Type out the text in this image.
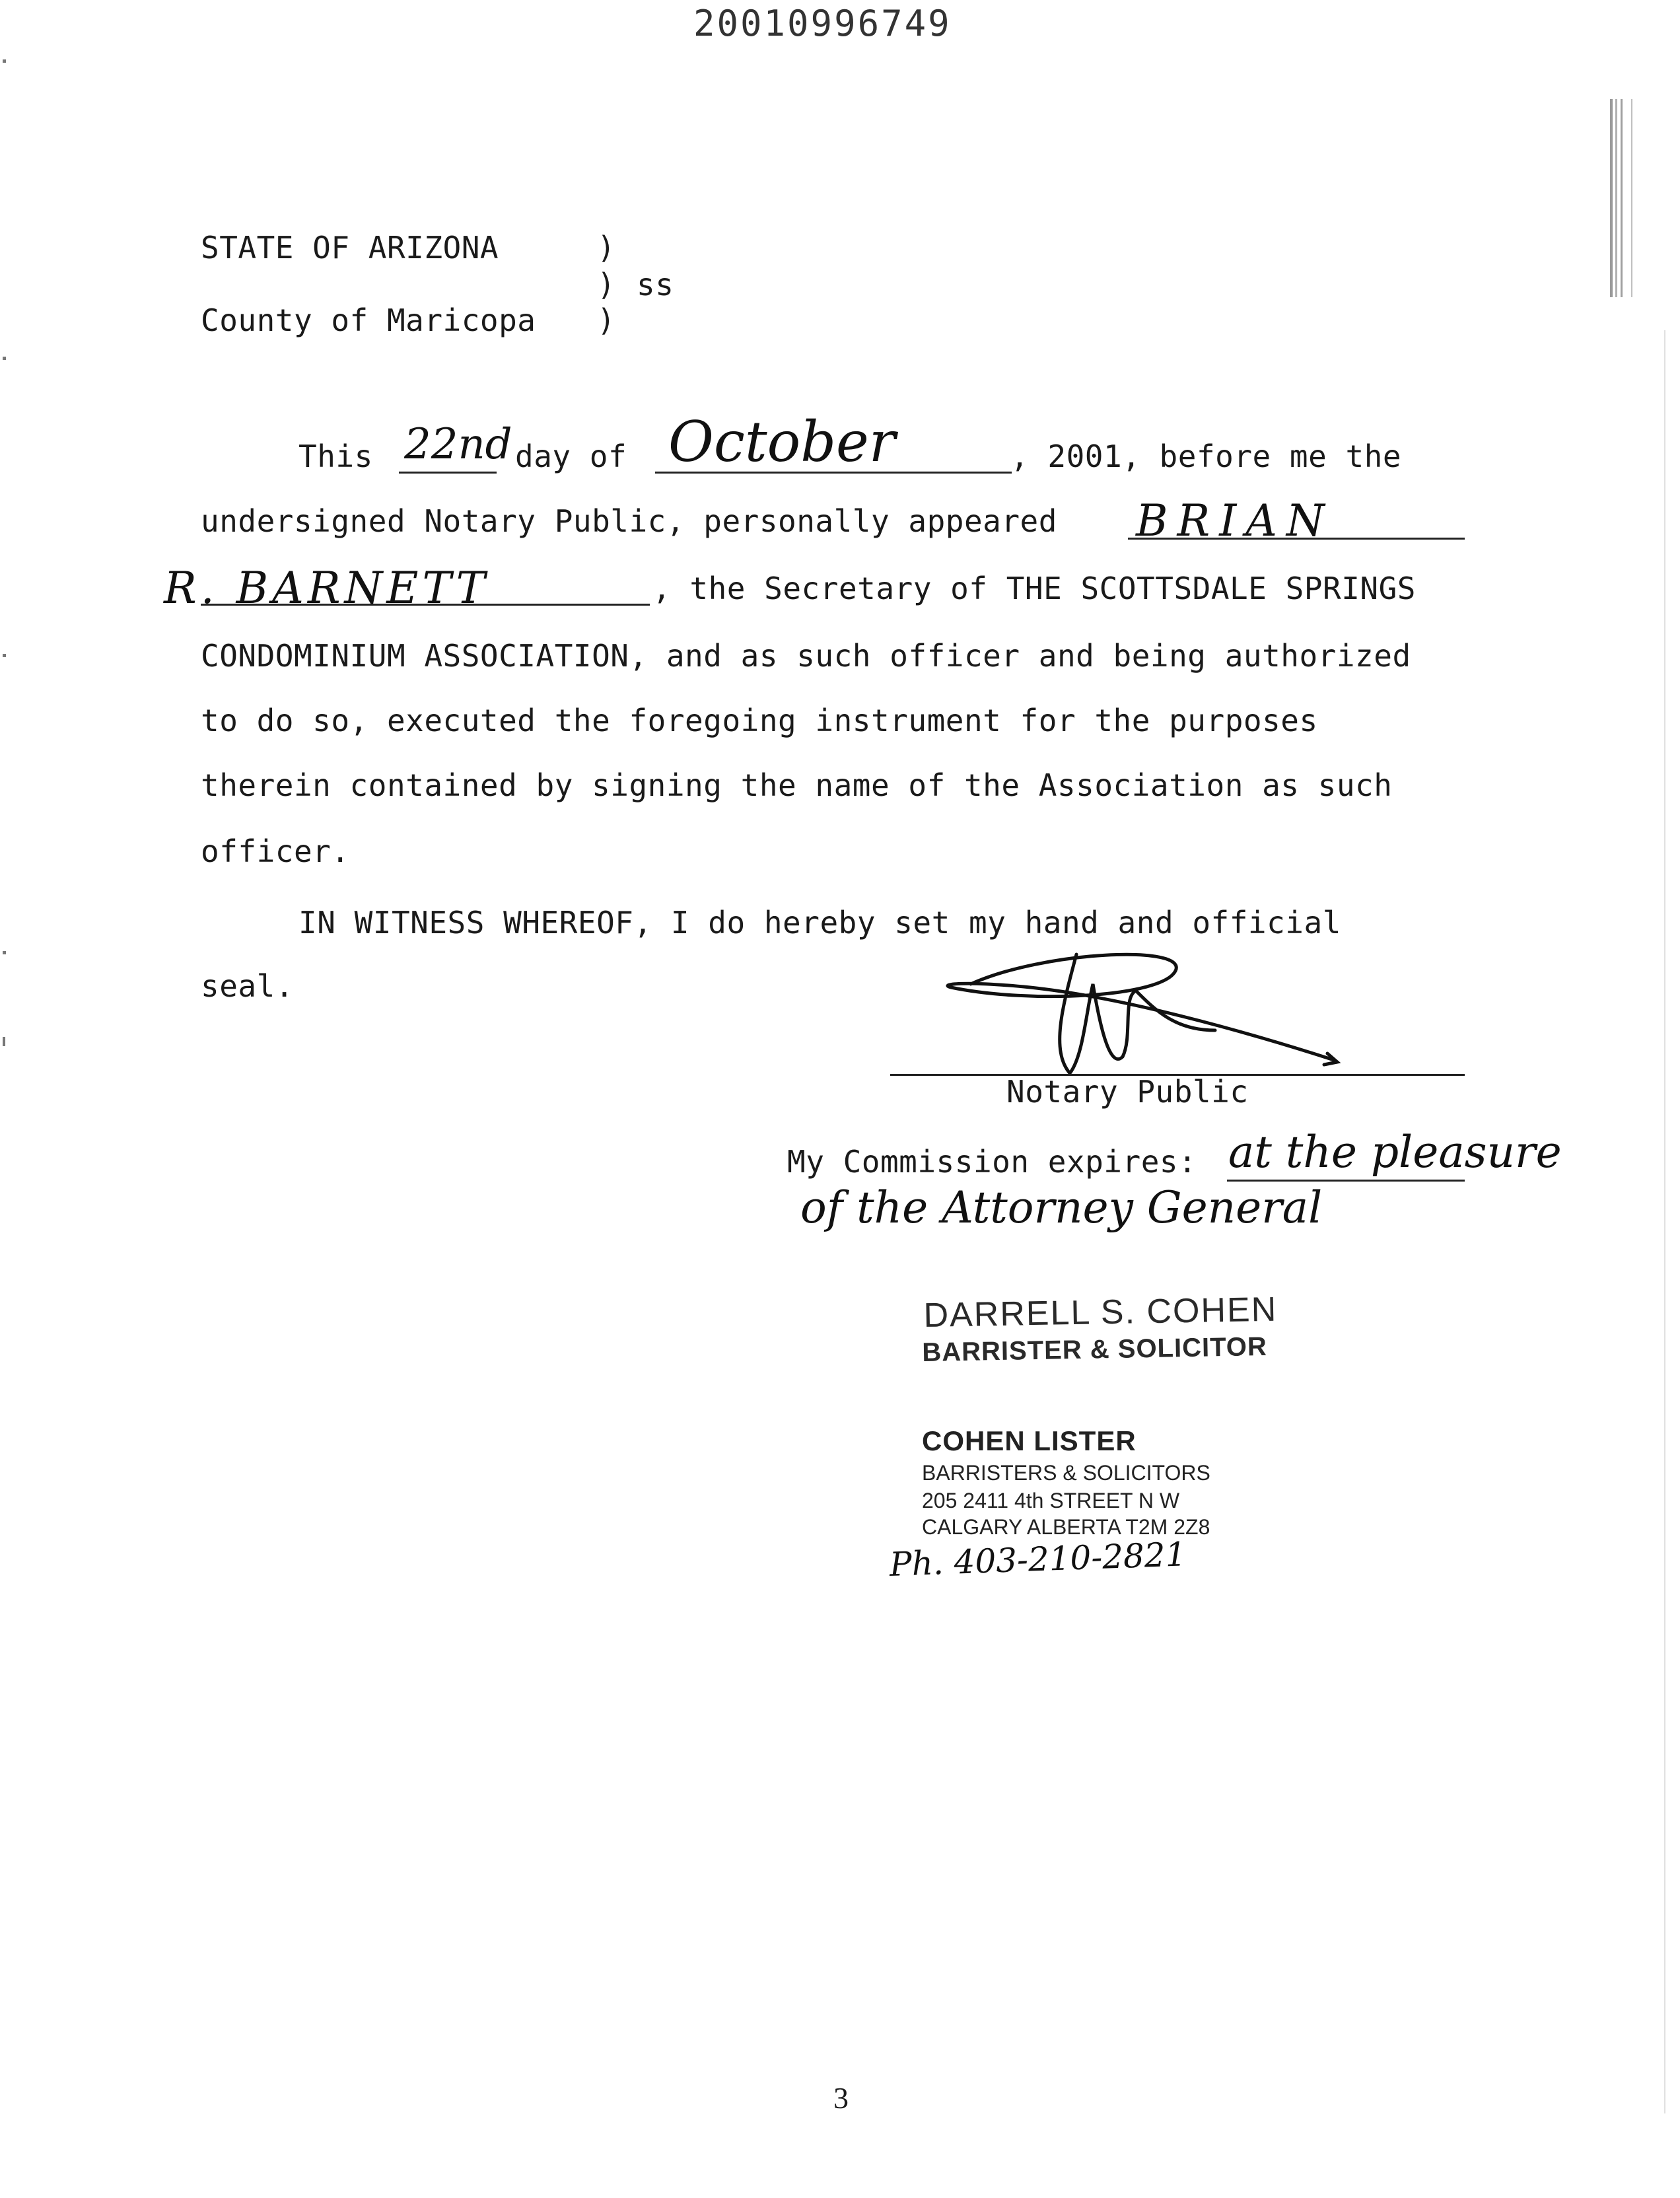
20010996749
STATE OF ARIZONA	)
) ss
County of Maricopa )
This 22nd day of October	, 2001, before me the
undersigned Notary Public, personally appeared BRIAN
R. BARNETT	, the Secretary of THE SCOTTSDALE SPRINGS
CONDOMINIUM ASSOCIATION, and as such officer and being authorized
to do so, executed the foregoing instrument for the purposes
therein contained by signing the name of the Association as such
officer.
IN WITNESS WHEREOF, I do hereby set my hand and official
seal.
Notary Public
My Commission expires: at the pleasure
of the Attorney General
DARRELL S. COHEN
BARRISTER & SOLICITOR
COHEN LISTER
BARRISTERS & SOLICITORS
205 2411 4th STREET N W
CALGARY ALBERTA T2M 2Z8
Ph. 403-210-2821
3
